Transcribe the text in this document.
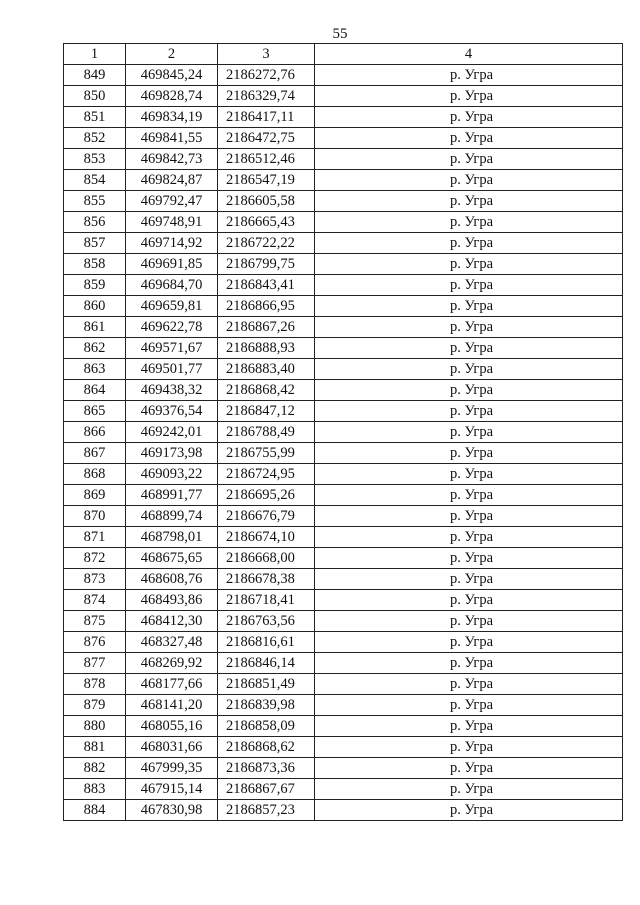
55
1	2	3	4
849	469845,24	2186272,76	р. Угра
850	469828,74	2186329,74	р. Угра
851	469834,19	2186417,11	р. Угра
852	469841,55	2186472,75	р. Угра
853	469842,73	2186512,46	р. Угра
854	469824,87	2186547,19	р. Угра
855	469792,47	2186605,58	р. Угра
856	469748,91	2186665,43	р. Угра
857	469714,92	2186722,22	р. Угра
858	469691,85	2186799,75	р. Угра
859	469684,70	2186843,41	р. Угра
860	469659,81	2186866,95	р. Угра
861	469622,78	2186867,26	р. Угра
862	469571,67	2186888,93	р. Угра
863	469501,77	2186883,40	р. Угра
864	469438,32	2186868,42	р. Угра
865	469376,54	2186847,12	р. Угра
866	469242,01	2186788,49	р. Угра
867	469173,98	2186755,99	р. Угра
868	469093,22	2186724,95	р. Угра
869	468991,77	2186695,26	р. Угра
870	468899,74	2186676,79	р. Угра
871	468798,01	2186674,10	р. Угра
872	468675,65	2186668,00	р. Угра
873	468608,76	2186678,38	р. Угра
874	468493,86	2186718,41	р. Угра
875	468412,30	2186763,56	р. Угра
876	468327,48	2186816,61	р. Угра
877	468269,92	2186846,14	р. Угра
878	468177,66	2186851,49	р. Угра
879	468141,20	2186839,98	р. Угра
880	468055,16	2186858,09	р. Угра
881	468031,66	2186868,62	р. Угра
882	467999,35	2186873,36	р. Угра
883	467915,14	2186867,67	р. Угра
884	467830,98	2186857,23	р. Угра
